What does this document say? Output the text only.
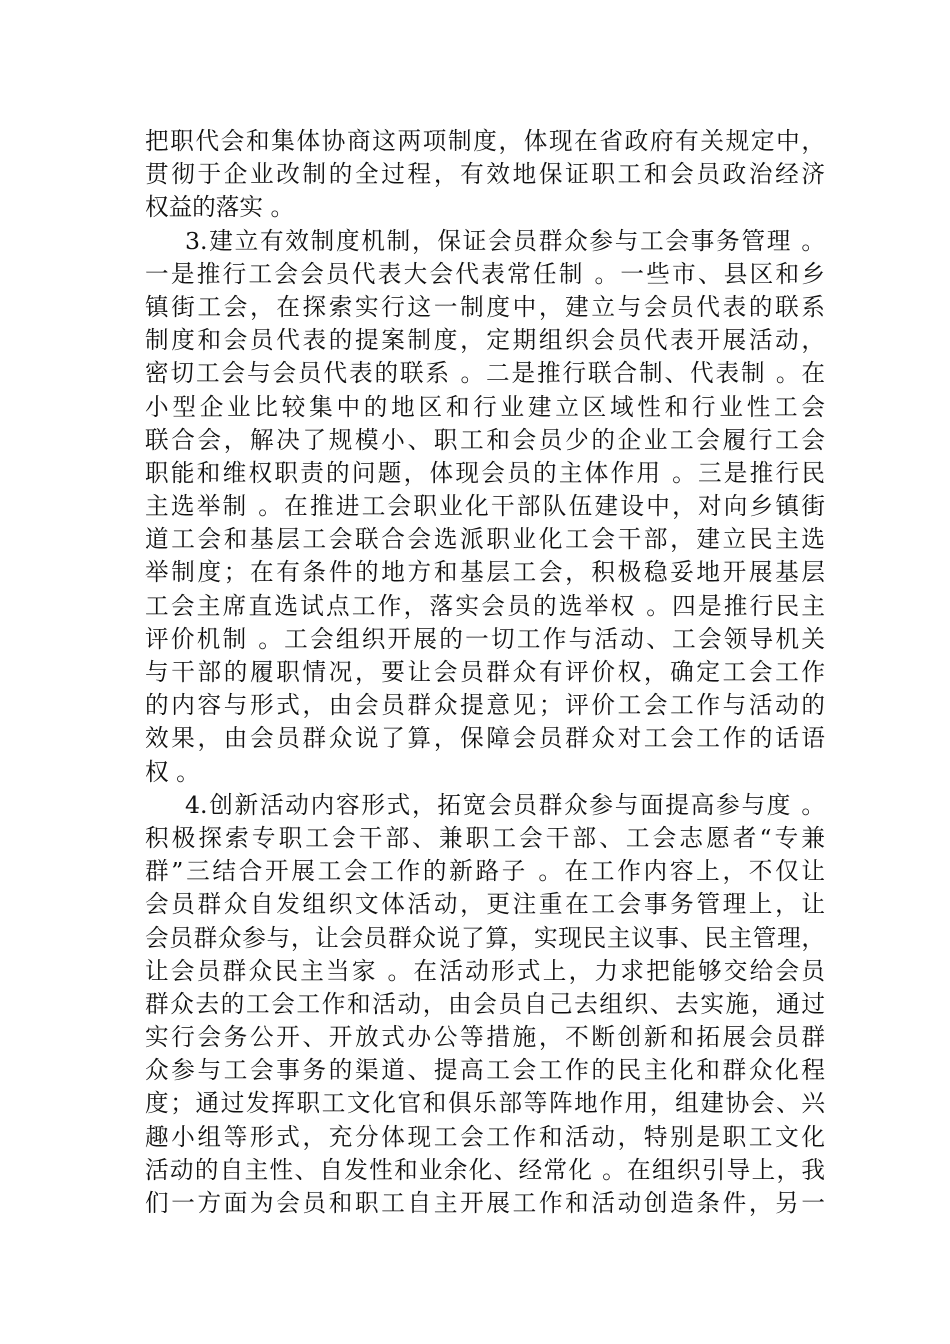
把职代会和集体协商这两项制度，体现在省政府有关规定中，
贯彻于企业改制的全过程，有效地保证职工和会员政治经济
权益的落实 。
3.建立有效制度机制，保证会员群众参与工会事务管理 。
一是推行工会会员代表大会代表常任制 。一些市、县区和乡
镇街工会，在探索实行这一制度中，建立与会员代表的联系
制度和会员代表的提案制度，定期组织会员代表开展活动，
密切工会与会员代表的联系 。二是推行联合制、代表制 。在
小型企业比较集中的地区和行业建立区域性和行业性工会
联合会，解决了规模小、职工和会员少的企业工会履行工会
职能和维权职责的问题，体现会员的主体作用 。三是推行民
主选举制 。在推进工会职业化干部队伍建设中，对向乡镇街
道工会和基层工会联合会选派职业化工会干部，建立民主选
举制度；在有条件的地方和基层工会，积极稳妥地开展基层
工会主席直选试点工作，落实会员的选举权 。四是推行民主
评价机制 。工会组织开展的一切工作与活动、工会领导机关
与干部的履职情况，要让会员群众有评价权，确定工会工作
的内容与形式，由会员群众提意见；评价工会工作与活动的
效果，由会员群众说了算，保障会员群众对工会工作的话语
权 。
4.创新活动内容形式，拓宽会员群众参与面提高参与度 。
积极探索专职工会干部、兼职工会干部、工会志愿者“专兼
群”三结合开展工会工作的新路子 。在工作内容上，不仅让
会员群众自发组织文体活动，更注重在工会事务管理上，让
会员群众参与，让会员群众说了算，实现民主议事、民主管理，
让会员群众民主当家 。在活动形式上，力求把能够交给会员
群众去的工会工作和活动，由会员自己去组织、去实施，通过
实行会务公开、开放式办公等措施，不断创新和拓展会员群
众参与工会事务的渠道、提高工会工作的民主化和群众化程
度；通过发挥职工文化官和俱乐部等阵地作用，组建协会、兴
趣小组等形式，充分体现工会工作和活动，特别是职工文化
活动的自主性、自发性和业余化、经常化 。在组织引导上，我
们一方面为会员和职工自主开展工作和活动创造条件，另一
